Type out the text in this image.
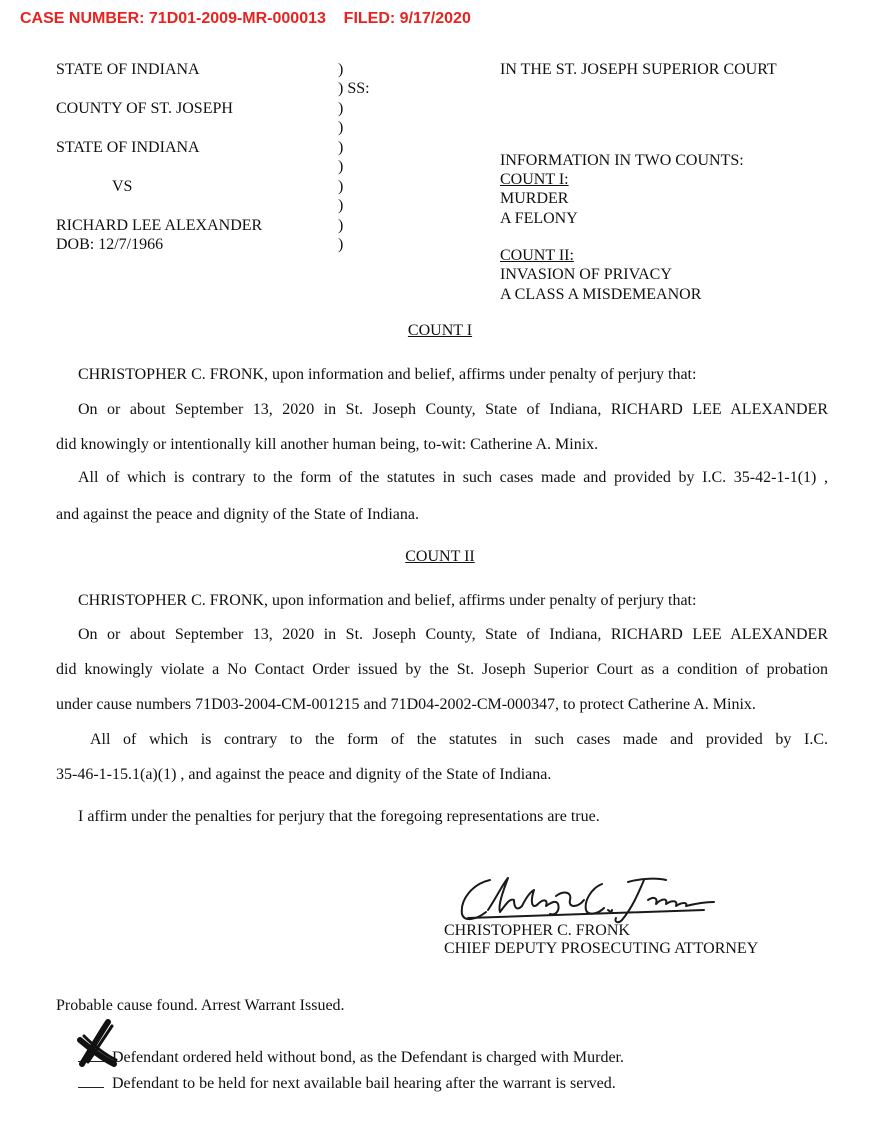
CASE NUMBER: 71D01-2009-MR-000013 FILED: 9/17/2020
STATE OF INDIANA
COUNTY OF ST. JOSEPH
STATE OF INDIANA
VS
RICHARD LEE ALEXANDER
DOB: 12/7/1966
)
) SS:
)
)
)
)
)
)
)
)
IN THE ST. JOSEPH SUPERIOR COURT
INFORMATION IN TWO COUNTS:
COUNT I:
MURDER
A FELONY
COUNT II:
INVASION OF PRIVACY
A CLASS A MISDEMEANOR
COUNT I
CHRISTOPHER C. FRONK, upon information and belief, affirms under penalty of perjury that:
On or about September 13, 2020 in St. Joseph County, State of Indiana, RICHARD LEE ALEXANDER
did knowingly or intentionally kill another human being, to-wit: Catherine A. Minix.
All of which is contrary to the form of the statutes in such cases made and provided by I.C. 35-42-1-1(1) ,
and against the peace and dignity of the State of Indiana.
COUNT II
CHRISTOPHER C. FRONK, upon information and belief, affirms under penalty of perjury that:
On or about September 13, 2020 in St. Joseph County, State of Indiana, RICHARD LEE ALEXANDER
did knowingly violate a No Contact Order issued by the St. Joseph Superior Court as a condition of probation
under cause numbers 71D03-2004-CM-001215 and 71D04-2002-CM-000347, to protect Catherine A. Minix.
All of which is contrary to the form of the statutes in such cases made and provided by I.C.
35-46-1-15.1(a)(1) , and against the peace and dignity of the State of Indiana.
I affirm under the penalties for perjury that the foregoing representations are true.
CHRISTOPHER C. FRONK
CHIEF DEPUTY PROSECUTING ATTORNEY
Probable cause found. Arrest Warrant Issued.
Defendant ordered held without bond, as the Defendant is charged with Murder.
Defendant to be held for next available bail hearing after the warrant is served.
